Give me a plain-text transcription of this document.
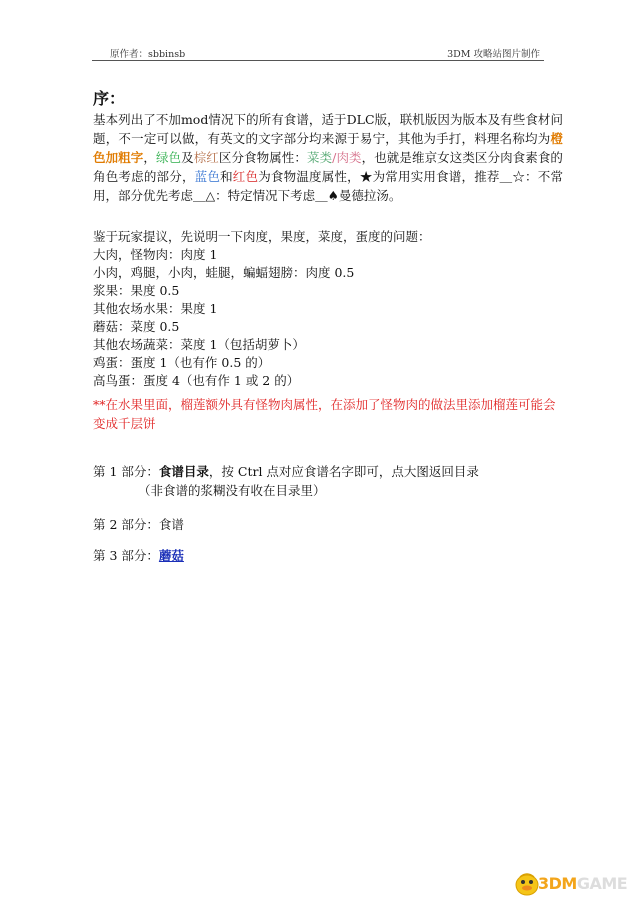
原作者：sbbinsb	3DM 攻略站图片制作
序：
基本列出了不加mod情况下的所有食谱，适于DLC版，联机版因为版本及有些食材问题，不一定可以做，有英文的文字部分均来源于易宁，其他为手打，料理名称均为橙色加粗字，绿色及棕红区分食物属性：菜类/肉类，也就是维京女这类区分肉食素食的角色考虑的部分，蓝色和红色为食物温度属性，★为常用实用食谱，推荐＿☆：不常用，部分优先考虑＿△：特定情况下考虑＿♠曼德拉汤。
鉴于玩家提议，先说明一下肉度，果度，菜度，蛋度的问题：
大肉，怪物肉：肉度 1
小肉，鸡腿，小肉，蛙腿，蝙蝠翅膀：肉度 0.5
浆果：果度 0.5
其他农场水果：果度 1
蘑菇：菜度 0.5
其他农场蔬菜：菜度 1（包括胡萝卜）
鸡蛋：蛋度 1（也有作 0.5 的）
高鸟蛋：蛋度 4（也有作 1 或 2 的）
**在水果里面，榴莲额外具有怪物肉属性，在添加了怪物肉的做法里添加榴莲可能会变成千层饼
第 1 部分：食谱目录，按 Ctrl 点对应食谱名字即可，点大图返回目录
（非食谱的浆糊没有收在目录里）
第 2 部分：食谱
第 3 部分：蘑菇
3DMGAME
